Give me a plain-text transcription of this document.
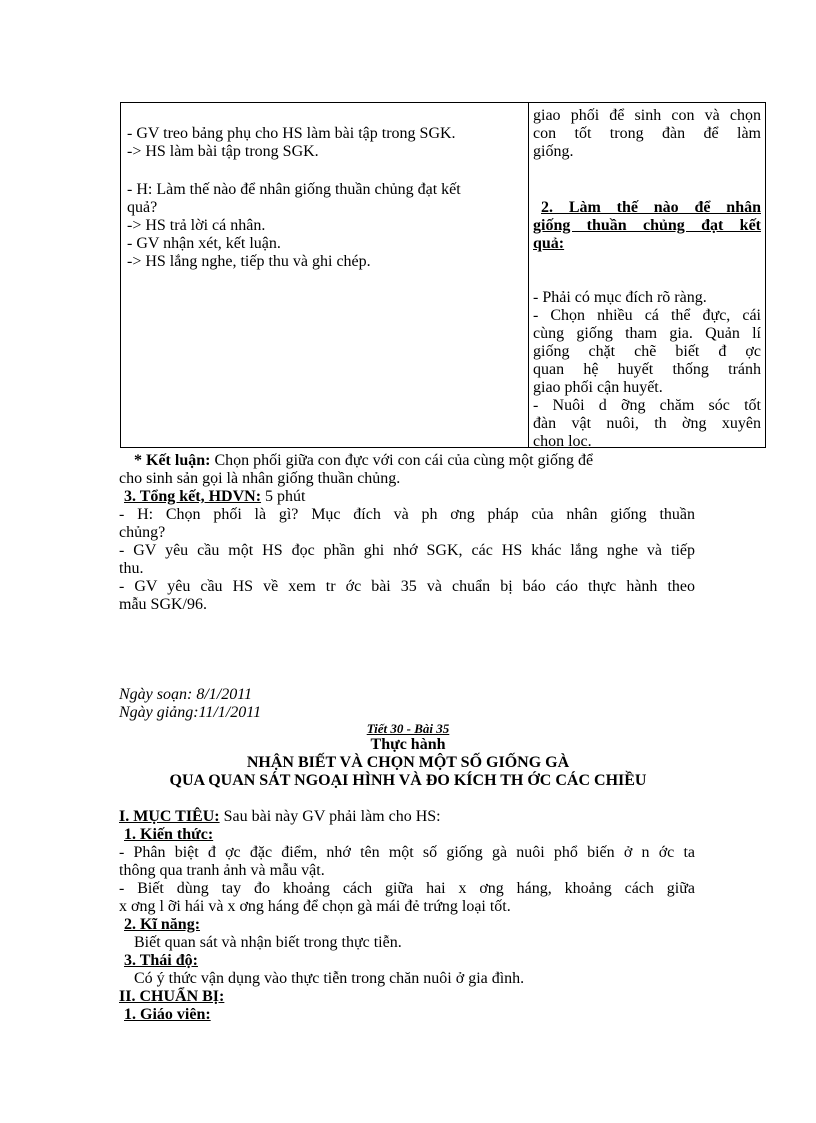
- GV treo bảng phụ cho HS làm bài tập trong SGK.
-> HS làm bài tập trong SGK.
- H: Làm thế nào để nhân giống thuần chủng đạt kết
quả?
-> HS trả lời cá nhân.
- GV nhận xét, kết luận.
-> HS lắng nghe, tiếp thu và ghi chép.
giao phối để sinh con và chọn
con tốt trong đàn để làm
giống.
2. Làm thế nào để nhân
giống thuần chủng đạt kết
quả:
- Phải có mục đích rõ ràng.
- Chọn nhiều cá thể đực, cái
cùng giống tham gia. Quản lí
giống chặt chẽ biết đ ợc
quan hệ huyết thống tránh
giao phối cận huyết.
- Nuôi d ỡng chăm sóc tốt
đàn vật nuôi, th ờng xuyên
chọn lọc.
* Kết luận: Chọn phối giữa con đực với con cái của cùng một giống để
cho sinh sản gọi là nhân giống thuần chủng.
3. Tổng kết, HDVN: 5 phút
- H: Chọn phối là gì? Mục đích và ph ơng pháp của nhân giống thuần
chủng?
- GV yêu cầu một HS đọc phần ghi nhớ SGK, các HS khác lắng nghe và tiếp
thu.
- GV yêu cầu HS về xem tr ớc bài 35 và chuẩn bị báo cáo thực hành theo
mẫu SGK/96.
Ngày soạn: 8/1/2011
Ngày giảng:11/1/2011
Tiết 30 - Bài 35
Thực hành
NHẬN BIẾT VÀ CHỌN MỘT SỐ GIỐNG GÀ
QUA QUAN SÁT NGOẠI HÌNH VÀ ĐO KÍCH TH ỚC CÁC CHIỀU
I. MỤC TIÊU: Sau bài này GV phải làm cho HS:
1. Kiến thức:
- Phân biệt đ ợc đặc điểm, nhớ tên một số giống gà nuôi phổ biến ở n ớc ta
thông qua tranh ảnh và mẫu vật.
- Biết dùng tay đo khoảng cách giữa hai x ơng háng, khoảng cách giữa
x ơng l ỡi hái và x ơng háng để chọn gà mái đẻ trứng loại tốt.
2. Kĩ năng:
Biết quan sát và nhận biết trong thực tiễn.
3. Thái độ:
Có ý thức vận dụng vào thực tiễn trong chăn nuôi ở gia đình.
II. CHUẨN BỊ:
1. Giáo viên:
